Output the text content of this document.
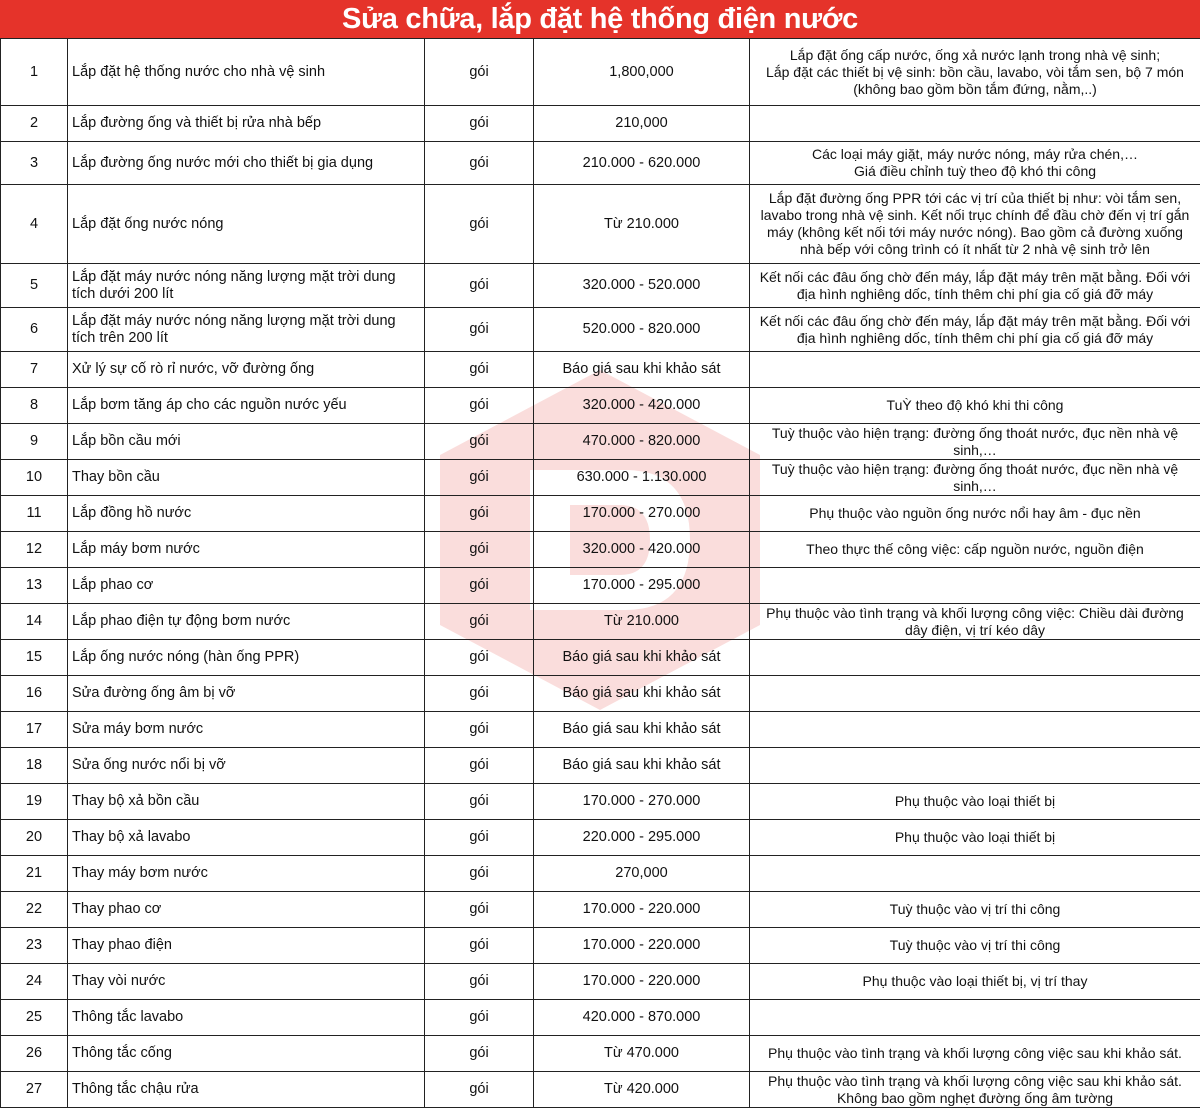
Sửa chữa, lắp đặt hệ thống điện nước
1	Lắp đặt hệ thống nước cho nhà vệ sinh	gói	1,800,000	Lắp đặt ống cấp nước, ống xả nước lạnh trong nhà vệ sinh;
Lắp đặt các thiết bị vệ sinh: bồn cầu, lavabo, vòi tắm sen, bộ 7 món
(không bao gồm bồn tắm đứng, nằm,..)
2	Lắp đường ống và thiết bị rửa nhà bếp	gói	210,000	
3	Lắp đường ống nước mới cho thiết bị gia dụng	gói	210.000 - 620.000	Các loại máy giặt, máy nước nóng, máy rửa chén,…
Giá điều chỉnh tuỳ theo độ khó thi công
4	Lắp đặt ống nước nóng	gói	Từ 210.000	Lắp đặt đường ống PPR tới các vị trí của thiết bị như: vòi tắm sen,
lavabo trong nhà vệ sinh. Kết nối trục chính để đầu chờ đến vị trí gắn
máy (không kết nối tới máy nước nóng). Bao gồm cả đường xuống
nhà bếp với công trình có ít nhất từ 2 nhà vệ sinh trở lên
5	Lắp đặt máy nước nóng năng lượng mặt trời dung tích dưới 200 lít	gói	320.000 - 520.000	Kết nối các đâu ống chờ đến máy, lắp đặt máy trên mặt bằng. Đối với
địa hình nghiêng dốc, tính thêm chi phí gia cố giá đỡ máy
6	Lắp đặt máy nước nóng năng lượng mặt trời dung tích trên 200 lít	gói	520.000 - 820.000	Kết nối các đâu ống chờ đến máy, lắp đặt máy trên mặt bằng. Đối với
địa hình nghiêng dốc, tính thêm chi phí gia cố giá đỡ máy
7	Xử lý sự cố rò rỉ nước, vỡ đường ống	gói	Báo giá sau khi khảo sát	
8	Lắp bơm tăng áp cho các nguồn nước yếu	gói	320.000 - 420.000	TuỲ theo độ khó khi thi công
9	Lắp bồn cầu mới	gói	470.000 - 820.000	Tuỳ thuộc vào hiện trạng: đường ống thoát nước, đục nền nhà vệ
sinh,…
10	Thay bồn cầu	gói	630.000 - 1.130.000	Tuỳ thuộc vào hiện trạng: đường ống thoát nước, đục nền nhà vệ
sinh,…
11	Lắp đồng hồ nước	gói	170.000 - 270.000	Phụ thuộc vào nguồn ống nước nổi hay âm - đục nền
12	Lắp máy bơm nước	gói	320.000 - 420.000	Theo thực thế công việc: cấp nguồn nước, nguồn điện
13	Lắp phao cơ	gói	170.000 - 295.000	
14	Lắp phao điện tự động bơm nước	gói	Từ 210.000	Phụ thuộc vào tình trạng và khối lượng công việc: Chiều dài đường
dây điện, vị trí kéo dây
15	Lắp ống nước nóng (hàn ống PPR)	gói	Báo giá sau khi khảo sát	
16	Sửa đường ống âm bị vỡ	gói	Báo giá sau khi khảo sát	
17	Sửa máy bơm nước	gói	Báo giá sau khi khảo sát	
18	Sửa ống nước nổi bị vỡ	gói	Báo giá sau khi khảo sát	
19	Thay bộ xả bồn cầu	gói	170.000 - 270.000	Phụ thuộc vào loại thiết bị
20	Thay bộ xả lavabo	gói	220.000 - 295.000	Phụ thuộc vào loại thiết bị
21	Thay máy bơm nước	gói	270,000	
22	Thay phao cơ	gói	170.000 - 220.000	Tuỳ thuộc vào vị trí thi công
23	Thay phao điện	gói	170.000 - 220.000	Tuỳ thuộc vào vị trí thi công
24	Thay vòi nước	gói	170.000 - 220.000	Phụ thuộc vào loại thiết bị, vị trí thay
25	Thông tắc lavabo	gói	420.000 - 870.000	
26	Thông tắc cống	gói	Từ 470.000	Phụ thuộc vào tình trạng và khối lượng công việc sau khi khảo sát.
27	Thông tắc chậu rửa	gói	Từ 420.000	Phụ thuộc vào tình trạng và khối lượng công việc sau khi khảo sát.
Không bao gồm nghẹt đường ống âm tường
